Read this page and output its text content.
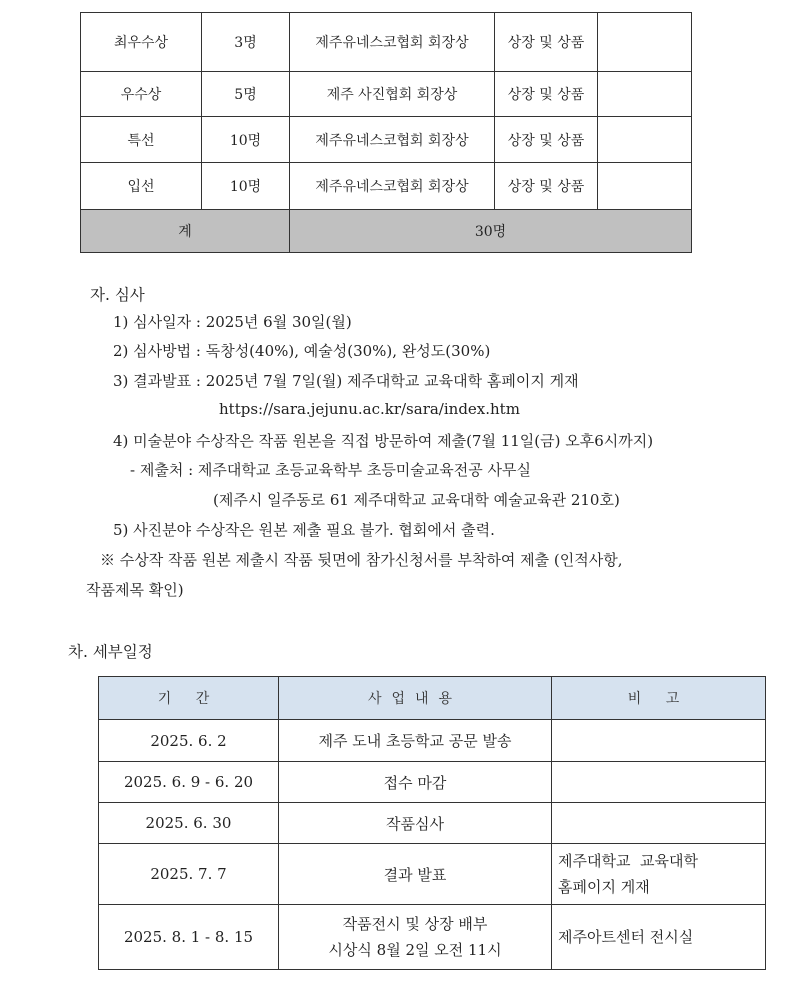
최우수상	3명	제주유네스코협회 회장상	상장 및 상품	
우수상	5명	제주 사진협회 회장상	상장 및 상품	
특선	10명	제주유네스코협회 회장상	상장 및 상품	
입선	10명	제주유네스코협회 회장상	상장 및 상품	
계		30명		
자. 심사
1) 심사일자 : 2025년 6월 30일(월)
2) 심사방법 : 독창성(40%), 예술성(30%), 완성도(30%)
3) 결과발표 : 2025년 7월 7일(월) 제주대학교 교육대학 홈페이지 게재
https://sara.jejunu.ac.kr/sara/index.htm
4) 미술분야 수상작은 작품 원본을 직접 방문하여 제출(7월 11일(금) 오후6시까지)
- 제출처 : 제주대학교 초등교육학부 초등미술교육전공 사무실
(제주시 일주동로 61 제주대학교 교육대학 예술교육관 210호)
5) 사진분야 수상작은 원본 제출 필요 불가. 협회에서 출력.
※ 수상작 작품 원본 제출시 작품 뒷면에 참가신청서를 부착하여 제출 (인적사항,
작품제목 확인)
차. 세부일정
기 간	사업내용	비 고
2025. 6. 2	제주 도내 초등학교 공문 발송	
2025. 6. 9 - 6. 20	접수 마감	
2025. 6. 30	작품심사	
2025. 7. 7	결과 발표	제주대학교  교육대학
홈페이지 게재

2025. 8. 1 - 8. 15	작품전시 및 상장 배부
시상식 8월 2일 오전 11시	제주아트센터 전시실
